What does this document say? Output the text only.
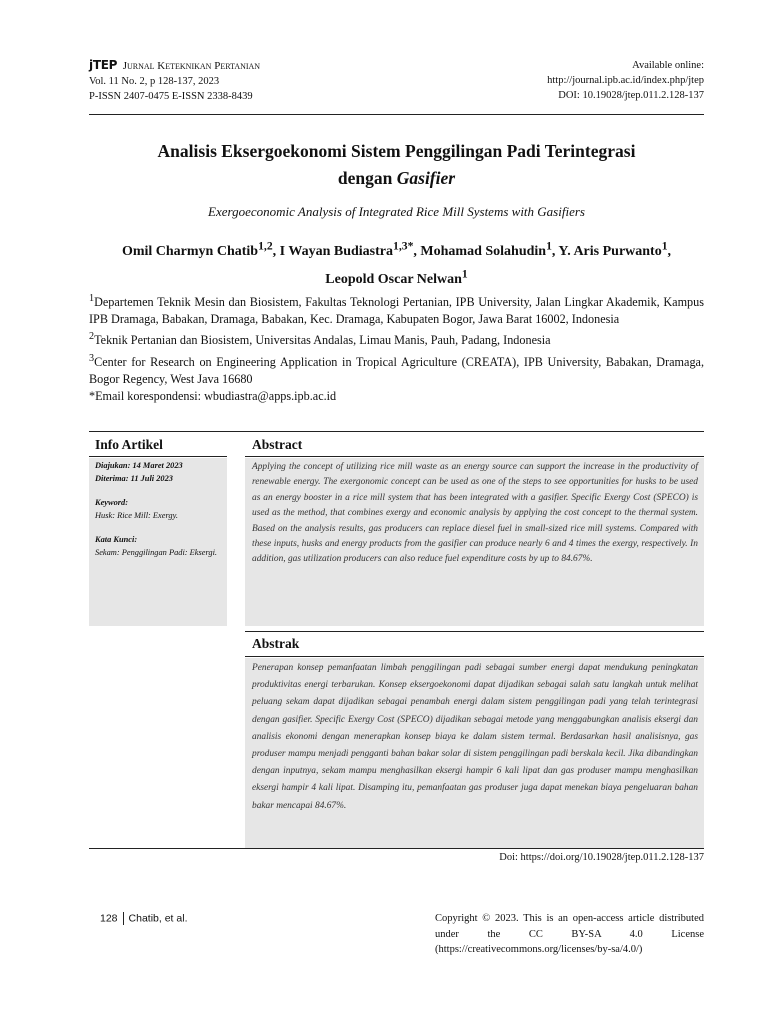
jTEP Jurnal Keteknikan Pertanian
Vol. 11 No. 2, p 128-137, 2023
P-ISSN 2407-0475 E-ISSN 2338-8439
Available online:
http://journal.ipb.ac.id/index.php/jtep
DOI: 10.19028/jtep.011.2.128-137
Analisis Eksergoekonomi Sistem Penggilingan Padi Terintegrasi
dengan Gasifier
Exergoeconomic Analysis of Integrated Rice Mill Systems with Gasifiers
Omil Charmyn Chatib$^{1,2}$, I Wayan Budiastra$^{1,3*}$, Mohamad Solahudin$^1$, Y. Aris Purwanto$^1$,
Leopold Oscar Nelwan$^1$

$^1$Departemen Teknik Mesin dan Biosistem, Fakultas Teknologi Pertanian, IPB University, Jalan Lingkar Akademik, Kampus IPB Dramaga, Babakan, Dramaga, Babakan, Kec. Dramaga, Kabupaten Bogor, Jawa Barat 16002, Indonesia

$^2$Teknik Pertanian dan Biosistem, Universitas Andalas, Limau Manis, Pauh, Padang, Indonesia

$^3$Center for Research on Engineering Application in Tropical Agriculture (CREATA), IPB University, Babakan, Dramaga, Bogor Regency, West Java 16680

*Email korespondensi: wbudiastra@apps.ipb.ac.id

Info Artikel	Abstract
Diajukan: 14 Maret 2023
Diterima: 11 Juli 2023
Keyword:
Husk: Rice Mill: Exergy.
Kata Kunci:
Sekam: Penggilingan Padi: Eksergi.
Applying the concept of utilizing rice mill waste as an energy source can support the increase in the productivity of renewable energy. The exergonomic concept can be used as one of the steps to see opportunities for husks to be used as an energy booster in a rice mill system that has been integrated with a gasifier. Specific Exergy Cost (SPECO) is used as the method, that combines exergy and economic analysis by applying the cost concept to the thermal system. Based on the analysis results, gas producers can replace diesel fuel in small-sized rice mill systems. Compared with these inputs, husks and energy products from the gasifier can produce nearly 6 and 4 times the exergy, respectively. In addition, gas utilization producers can also reduce fuel expenditure costs by up to 84.67%.
Abstrak
Penerapan konsep pemanfaatan limbah penggilingan padi sebagai sumber energi dapat mendukung peningkatan produktivitas energi terbarukan. Konsep eksergoekonomi dapat dijadikan sebagai salah satu langkah untuk melihat peluang sekam dapat dijadikan sebagai penambah energi dalam sistem penggilingan padi yang telah terintegrasi dengan gasifier. Specific Exergy Cost (SPECO) dijadikan sebagai metode yang menggabungkan analisis eksergi dan analisis ekonomi dengan menerapkan konsep biaya ke dalam sistem termal. Berdasarkan hasil analisisnya, gas produser mampu menjadi pengganti bahan bakar solar di sistem penggilingan padi berskala kecil. Jika dibandingkan dengan inputnya, sekam mampu menghasilkan eksergi hampir 6 kali lipat dan gas produser mampu menghasilkan eksergi hampir 4 kali lipat. Disamping itu, pemanfaatan gas produser juga dapat menekan biaya pengeluaran bahan bakar mencapai 84.67%.
Doi: https://doi.org/10.19028/jtep.011.2.128-137
128 Chatib, et al.	Copyright © 2023. This is an open-access article distributed under the CC BY-SA 4.0 License (https://creativecommons.org/licenses/by-sa/4.0/)
